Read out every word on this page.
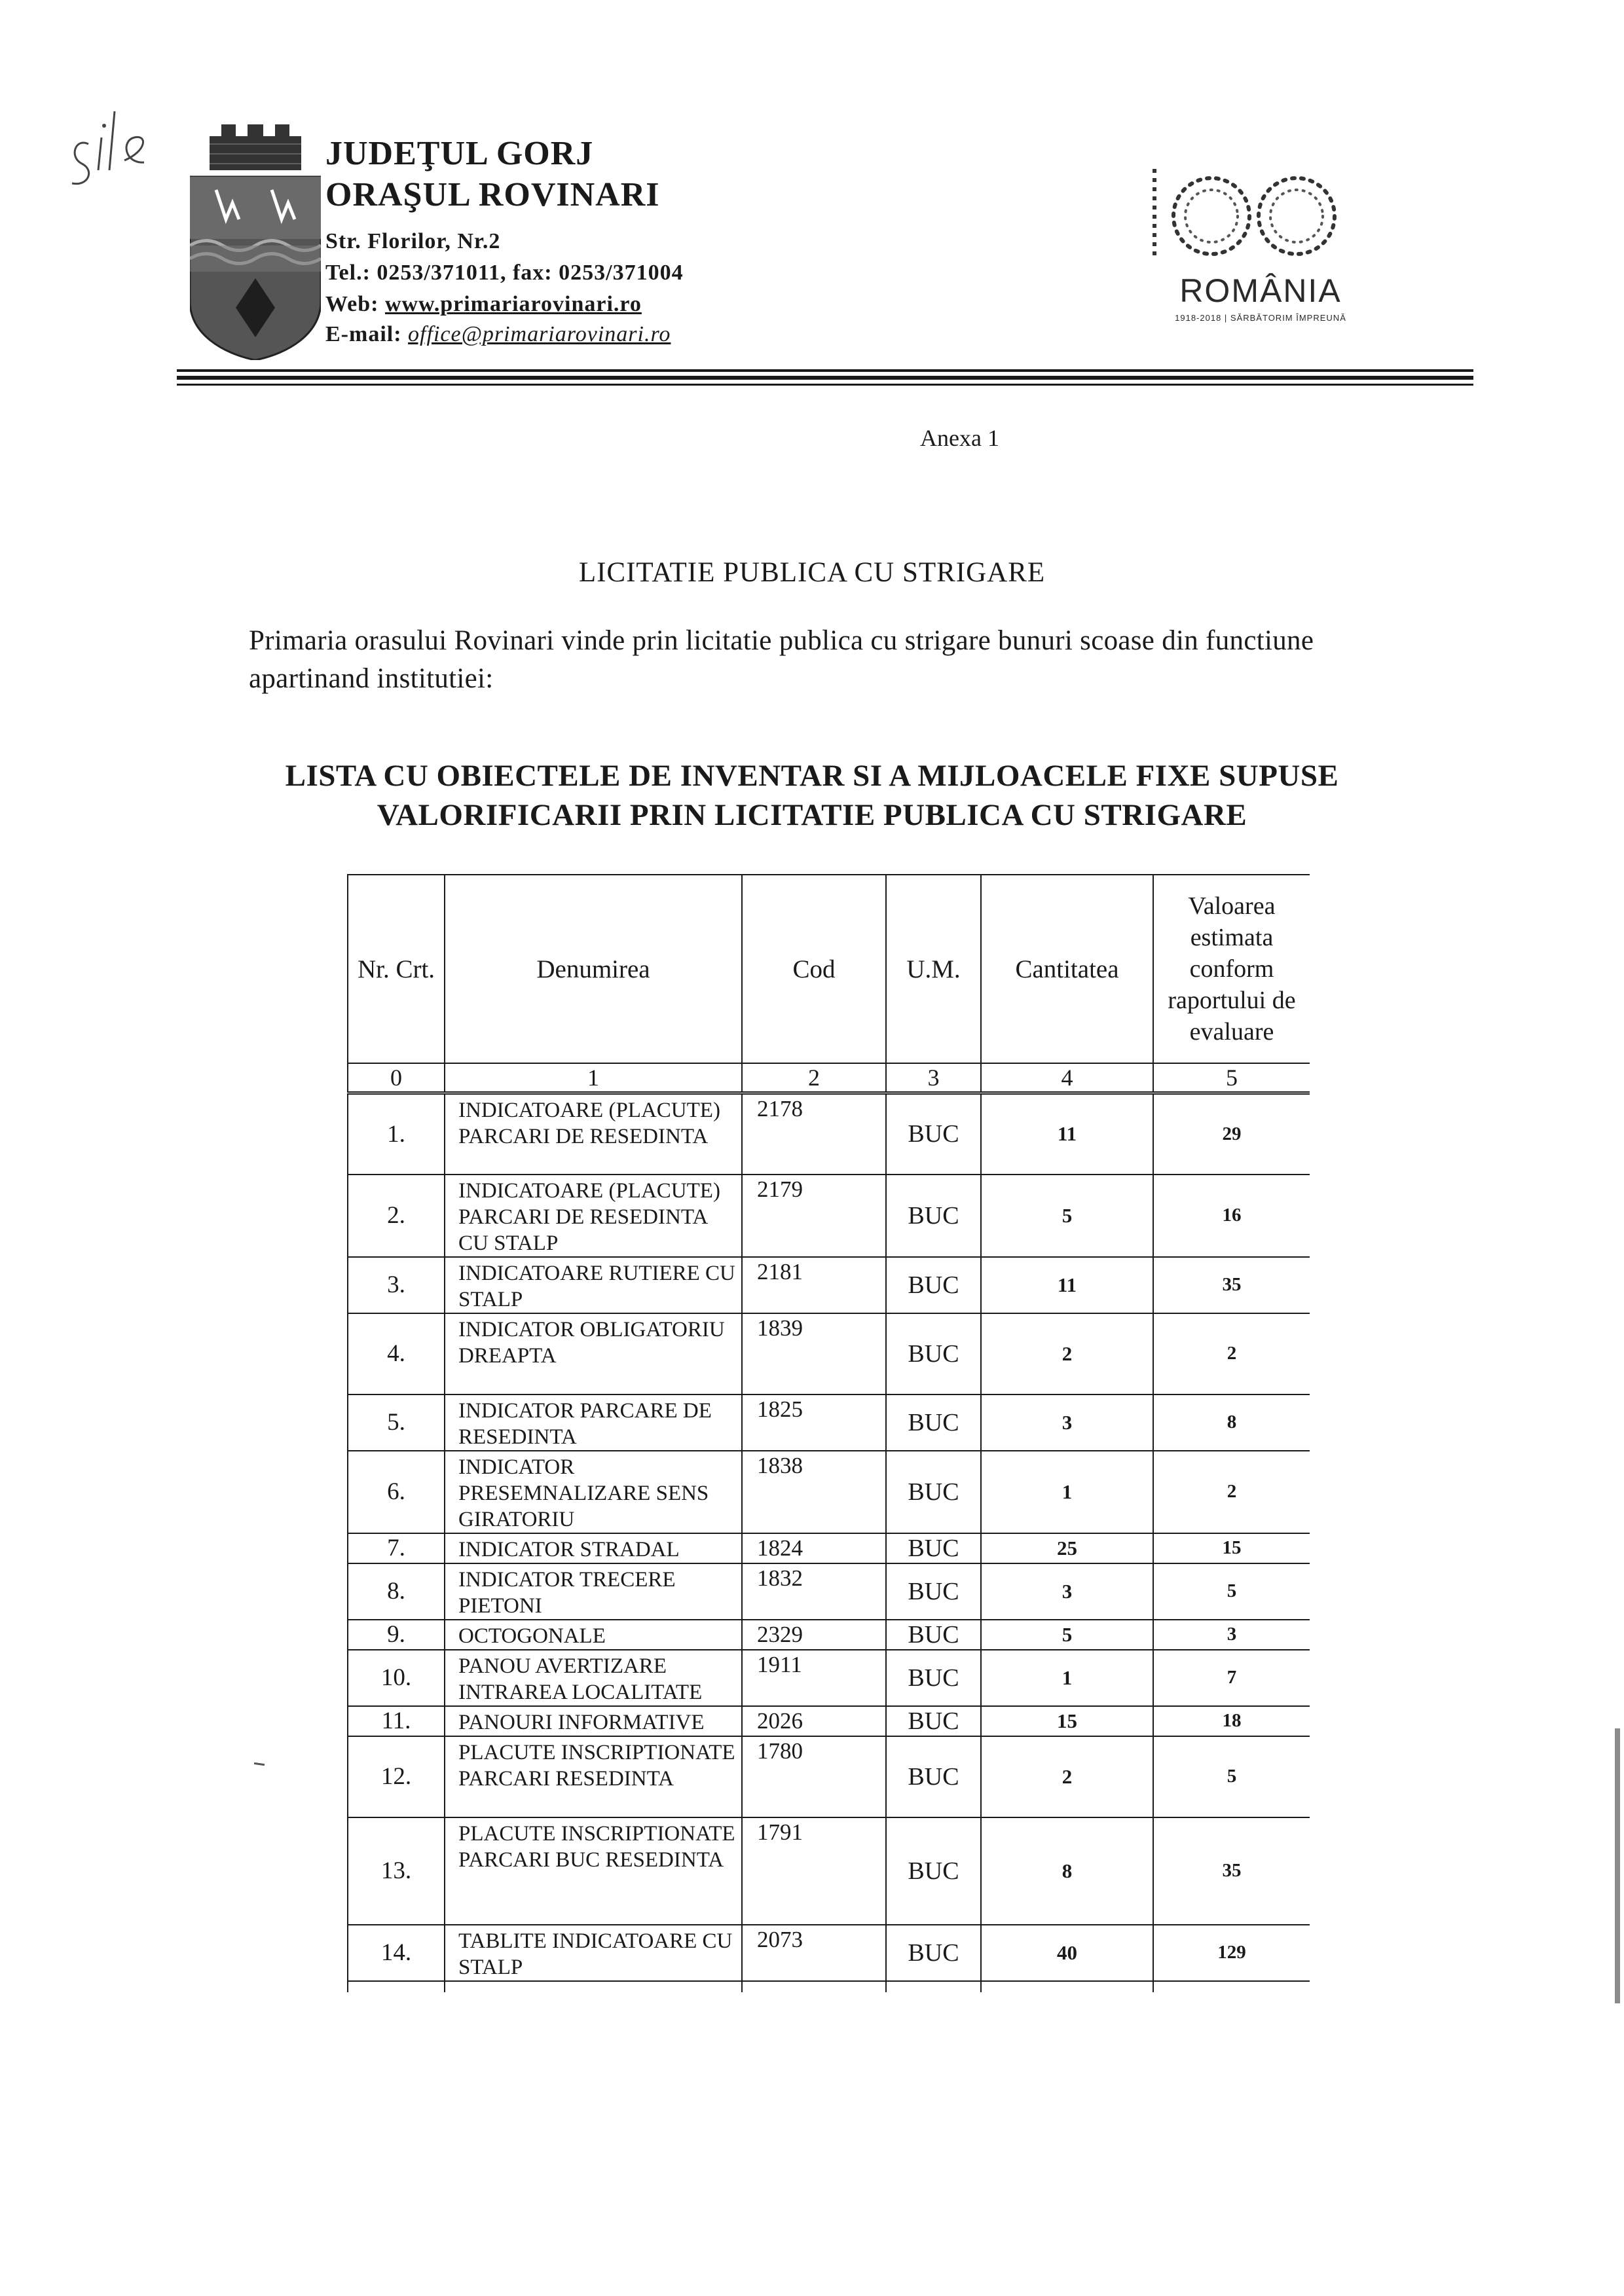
JUDEŢUL GORJ
ORAŞUL ROVINARI
Str. Florilor, Nr.2
Tel.: 0253/371011, fax: 0253/371004
Web: www.primariarovinari.ro
E-mail: office@primariarovinari.ro
ROMÂNIA
1918-2018 | SĂRBĂTORIM ÎMPREUNĂ
Anexa 1
LICITATIE PUBLICA CU STRIGARE
Primaria orasului Rovinari vinde prin licitatie publica cu strigare bunuri scoase din functiune apartinand institutiei:
LISTA CU OBIECTELE DE INVENTAR SI A MIJLOACELE FIXE SUPUSE
VALORIFICARII PRIN LICITATIE PUBLICA CU STRIGARE
Nr. Crt.	Denumirea	Cod	U.M.	Cantitatea	Valoarea estimata conform raportului de evaluare
0	1	2	3	4	5
1.	INDICATOARE (PLACUTE) PARCARI DE RESEDINTA	2178	BUC	11	29
2.	INDICATOARE (PLACUTE) PARCARI DE RESEDINTA CU STALP	2179	BUC	5	16
3.	INDICATOARE RUTIERE CU STALP	2181	BUC	11	35
4.	INDICATOR OBLIGATORIU DREAPTA	1839	BUC	2	2
5.	INDICATOR PARCARE DE RESEDINTA	1825	BUC	3	8
6.	INDICATOR PRESEMNALIZARE SENS GIRATORIU	1838	BUC	1	2
7.	INDICATOR STRADAL	1824	BUC	25	15
8.	INDICATOR TRECERE PIETONI	1832	BUC	3	5
9.	OCTOGONALE	2329	BUC	5	3
10.	PANOU AVERTIZARE INTRAREA LOCALITATE	1911	BUC	1	7
11.	PANOURI INFORMATIVE	2026	BUC	15	18
12.	PLACUTE INSCRIPTIONATE PARCARI RESEDINTA	1780	BUC	2	5
13.	PLACUTE INSCRIPTIONATE PARCARI BUC RESEDINTA	1791	BUC	8	35
14.	TABLITE INDICATOARE CU STALP	2073	BUC	40	129
